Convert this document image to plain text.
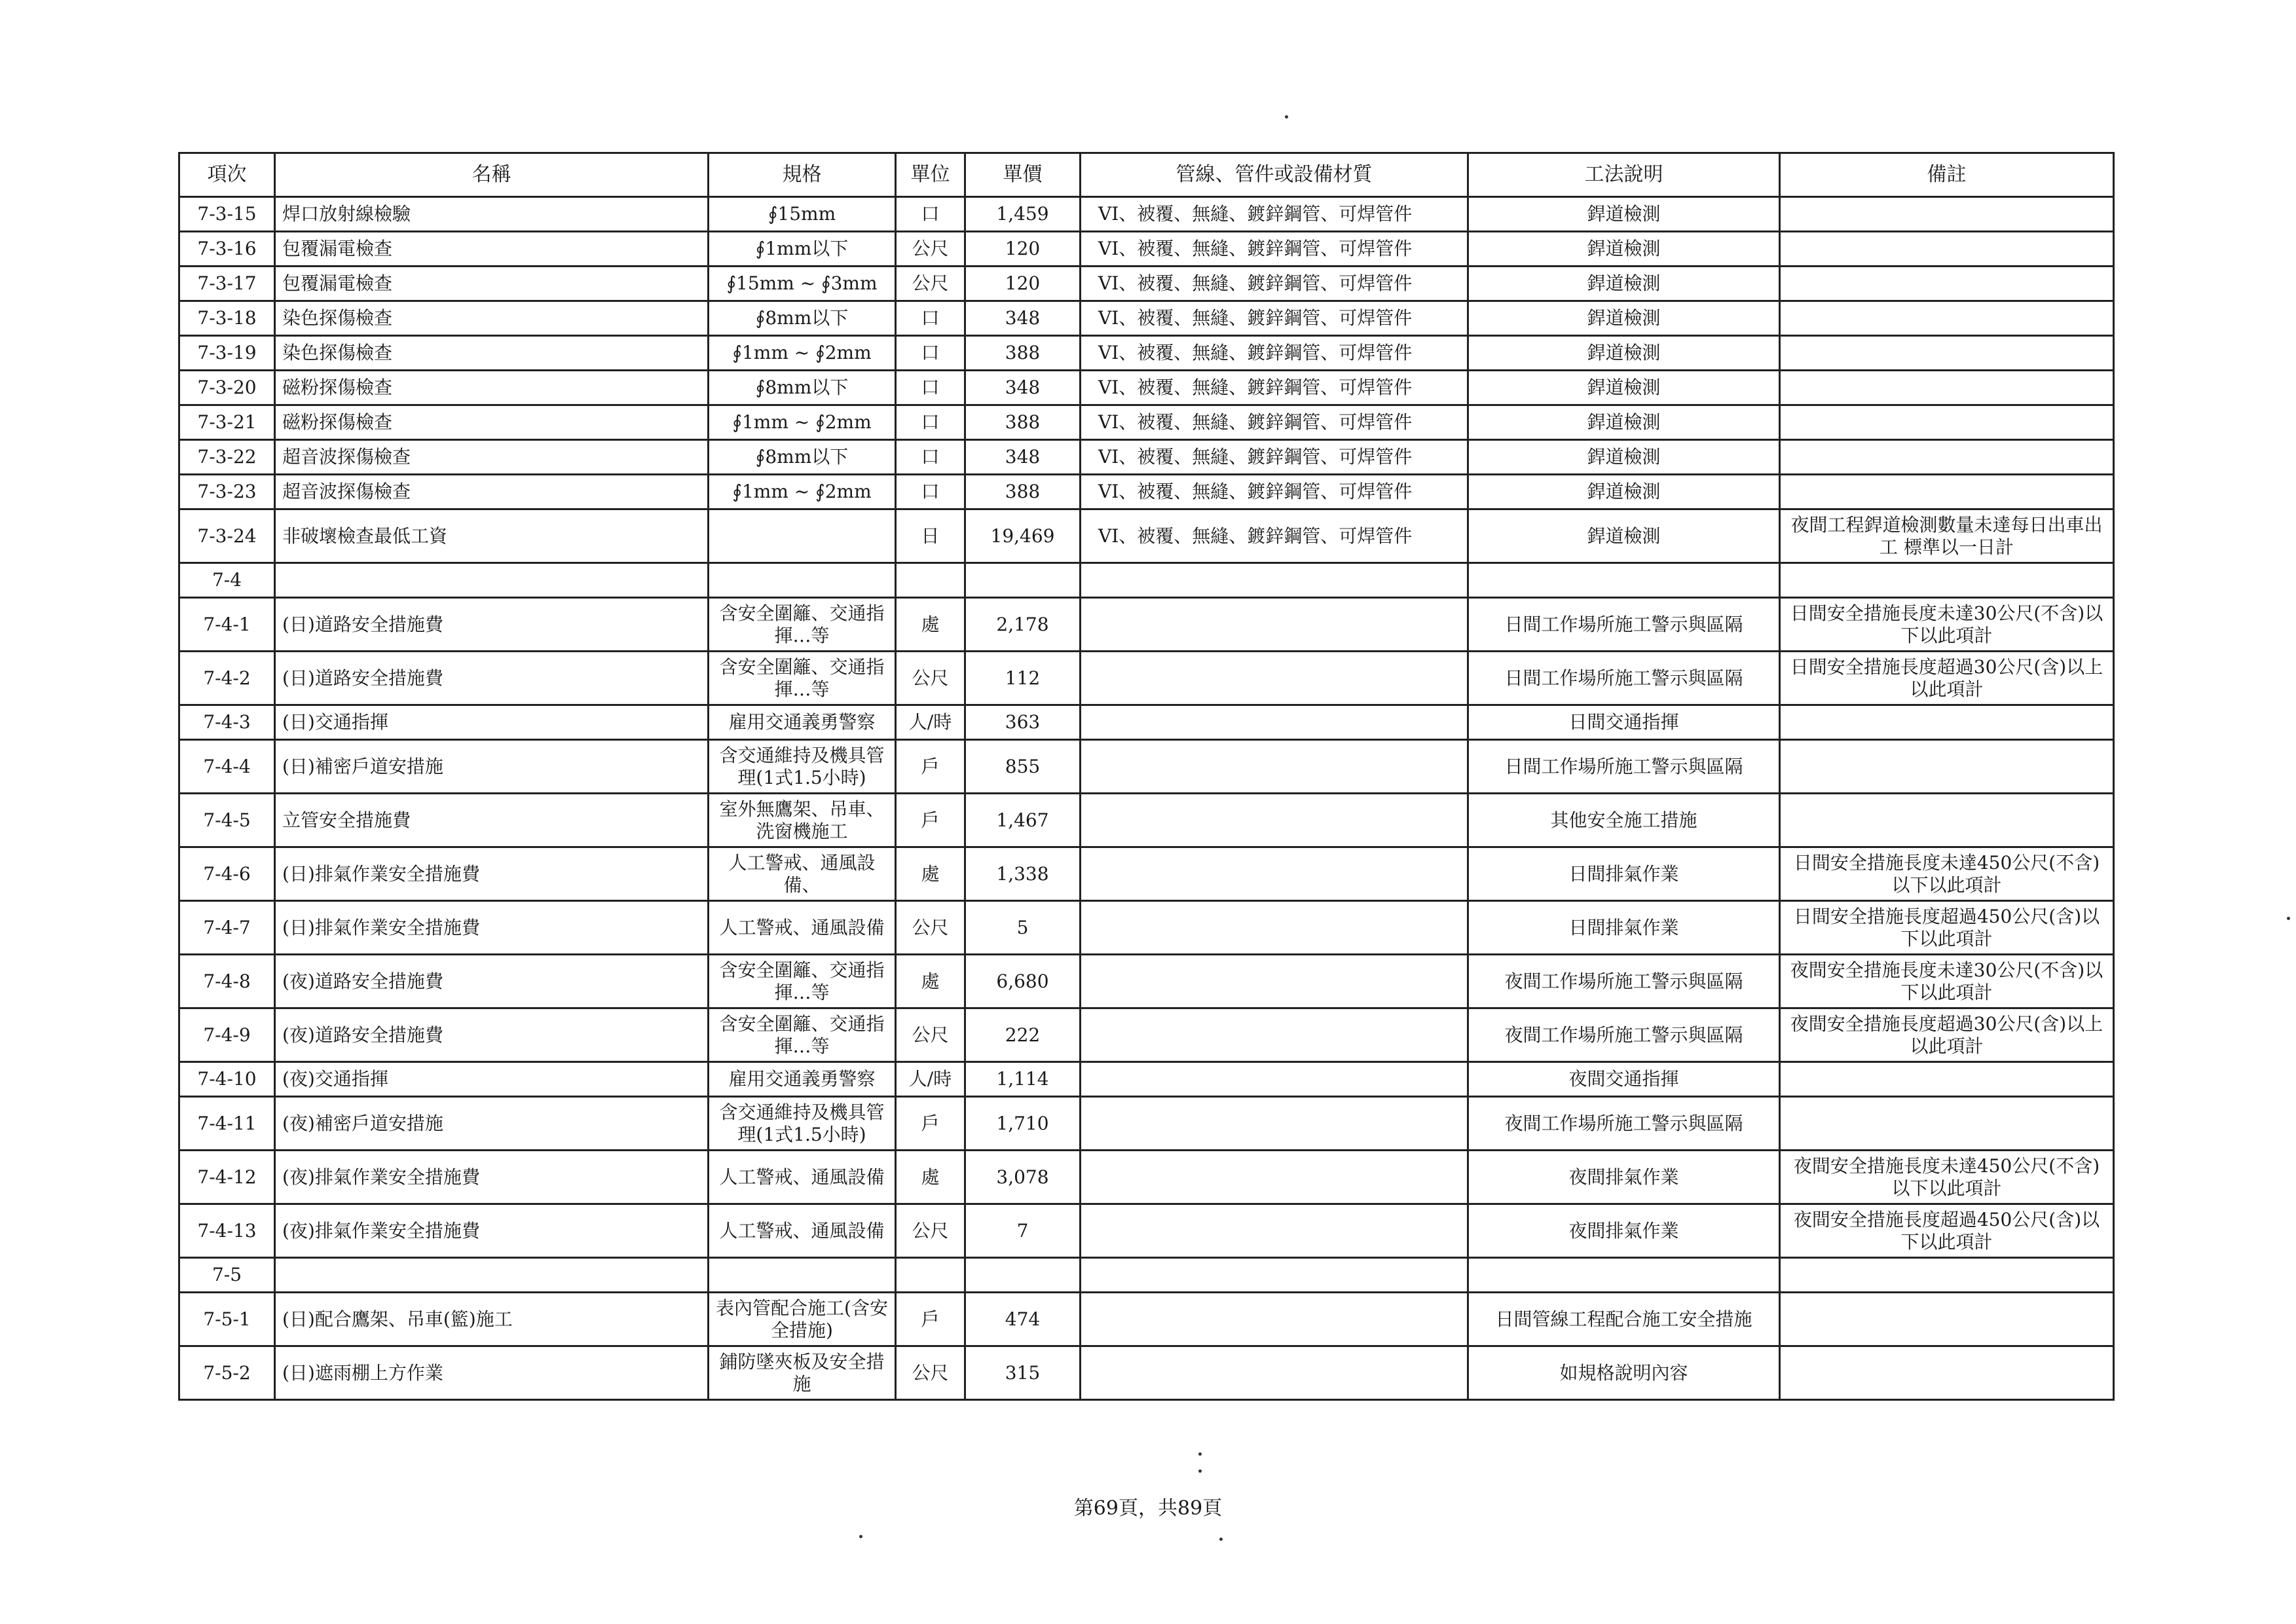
項次	名稱	規格	單位	單價	管線、管件或設備材質	工法說明	備註
7-3-15	焊口放射線檢驗	∮15mm	口	1,459	VI、被覆、無縫、鍍鋅鋼管、可焊管件	銲道檢測	
7-3-16	包覆漏電檢查	∮1mm以下	公尺	120	VI、被覆、無縫、鍍鋅鋼管、可焊管件	銲道檢測	
7-3-17	包覆漏電檢查	∮15mm ~ ∮3mm	公尺	120	VI、被覆、無縫、鍍鋅鋼管、可焊管件	銲道檢測	
7-3-18	染色探傷檢查	∮8mm以下	口	348	VI、被覆、無縫、鍍鋅鋼管、可焊管件	銲道檢測	
7-3-19	染色探傷檢查	∮1mm ~ ∮2mm	口	388	VI、被覆、無縫、鍍鋅鋼管、可焊管件	銲道檢測	
7-3-20	磁粉探傷檢查	∮8mm以下	口	348	VI、被覆、無縫、鍍鋅鋼管、可焊管件	銲道檢測	
7-3-21	磁粉探傷檢查	∮1mm ~ ∮2mm	口	388	VI、被覆、無縫、鍍鋅鋼管、可焊管件	銲道檢測	
7-3-22	超音波探傷檢查	∮8mm以下	口	348	VI、被覆、無縫、鍍鋅鋼管、可焊管件	銲道檢測	
7-3-23	超音波探傷檢查	∮1mm ~ ∮2mm	口	388	VI、被覆、無縫、鍍鋅鋼管、可焊管件	銲道檢測	
7-3-24	非破壞檢查最低工資		日	19,469	VI、被覆、無縫、鍍鋅鋼管、可焊管件	銲道檢測	夜間工程銲道檢測數量未達每日出車出工 標準以一日計
7-4							
7-4-1	(日)道路安全措施費	含安全圍籬、交通指揮…等	處	2,178		日間工作場所施工警示與區隔	日間安全措施長度未達30公尺(不含)以下以此項計
7-4-2	(日)道路安全措施費	含安全圍籬、交通指揮…等	公尺	112		日間工作場所施工警示與區隔	日間安全措施長度超過30公尺(含)以上以此項計
7-4-3	(日)交通指揮	雇用交通義勇警察	人/時	363		日間交通指揮	
7-4-4	(日)補密戶道安措施	含交通維持及機具管理(1式1.5小時)	戶	855		日間工作場所施工警示與區隔	
7-4-5	立管安全措施費	室外無鷹架、吊車、洗窗機施工	戶	1,467		其他安全施工措施	
7-4-6	(日)排氣作業安全措施費	人工警戒、通風設備、	處	1,338		日間排氣作業	日間安全措施長度未達450公尺(不含)以下以此項計
7-4-7	(日)排氣作業安全措施費	人工警戒、通風設備	公尺	5		日間排氣作業	日間安全措施長度超過450公尺(含)以下以此項計
7-4-8	(夜)道路安全措施費	含安全圍籬、交通指揮…等	處	6,680		夜間工作場所施工警示與區隔	夜間安全措施長度未達30公尺(不含)以下以此項計
7-4-9	(夜)道路安全措施費	含安全圍籬、交通指揮…等	公尺	222		夜間工作場所施工警示與區隔	夜間安全措施長度超過30公尺(含)以上以此項計
7-4-10	(夜)交通指揮	雇用交通義勇警察	人/時	1,114		夜間交通指揮	
7-4-11	(夜)補密戶道安措施	含交通維持及機具管理(1式1.5小時)	戶	1,710		夜間工作場所施工警示與區隔	
7-4-12	(夜)排氣作業安全措施費	人工警戒、通風設備	處	3,078		夜間排氣作業	夜間安全措施長度未達450公尺(不含)以下以此項計
7-4-13	(夜)排氣作業安全措施費	人工警戒、通風設備	公尺	7		夜間排氣作業	夜間安全措施長度超過450公尺(含)以下以此項計
7-5							
7-5-1	(日)配合鷹架、吊車(籃)施工	表內管配合施工(含安全措施)	戶	474		日間管線工程配合施工安全措施	
7-5-2	(日)遮雨棚上方作業	鋪防墜夾板及安全措施	公尺	315		如規格說明內容	
第69頁，共89頁
